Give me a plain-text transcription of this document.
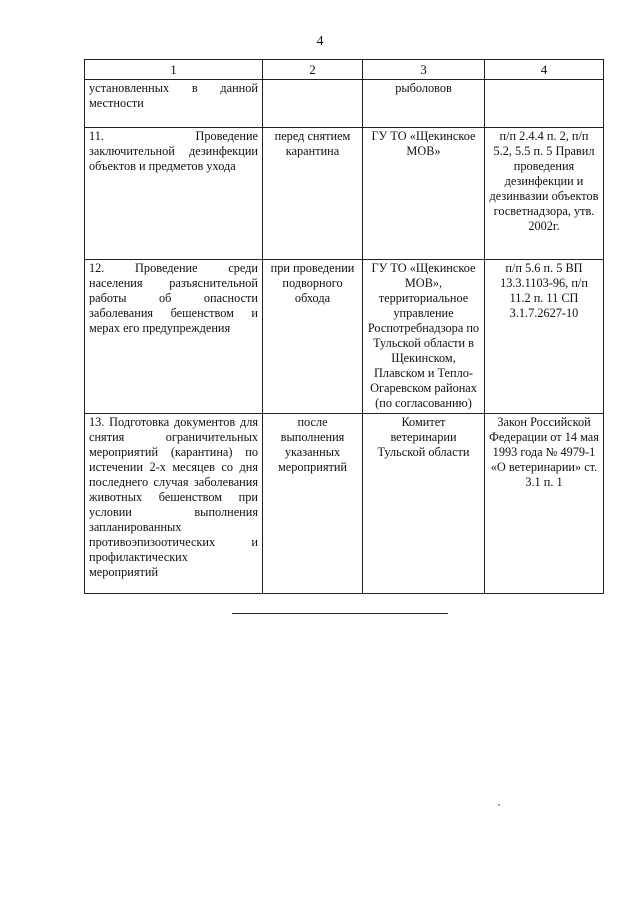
4
1	2	3	4
установленных в данной местности		рыболовов	
11. Проведение заключительной дезинфекции объектов и предметов ухода	перед снятием карантина	ГУ ТО «Щекинское МОВ»	п/п 2.4.4 п. 2, п/п 5.2, 5.5 п. 5 Правил проведения дезинфекции и дезинвазии объектов госветнадзора, утв. 2002г.
12. Проведение среди населения разъяснительной работы об опасности заболевания бешенством и мерах его предупреждения	при проведении подворного обхода	ГУ ТО «Щекинское МОВ», территориальное управление Роспотребнадзора по Тульской области в Щекинском, Плавском и Тепло-Огаревском районах (по согласованию)	п/п 5.6 п. 5 ВП 13.3.1103-96, п/п 11.2 п. 11 СП 3.1.7.2627-10
13. Подготовка документов для снятия ограничительных мероприятий (карантина) по истечении 2-х месяцев со дня последнего случая заболевания животных бешенством при условии выполнения запланированных противоэпизоотических и профилактических мероприятий	после выполнения указанных мероприятий	Комитет ветеринарии Тульской области	Закон Российской Федерации от 14 мая 1993 года № 4979-1 «О ветеринарии» ст. 3.1 п. 1
